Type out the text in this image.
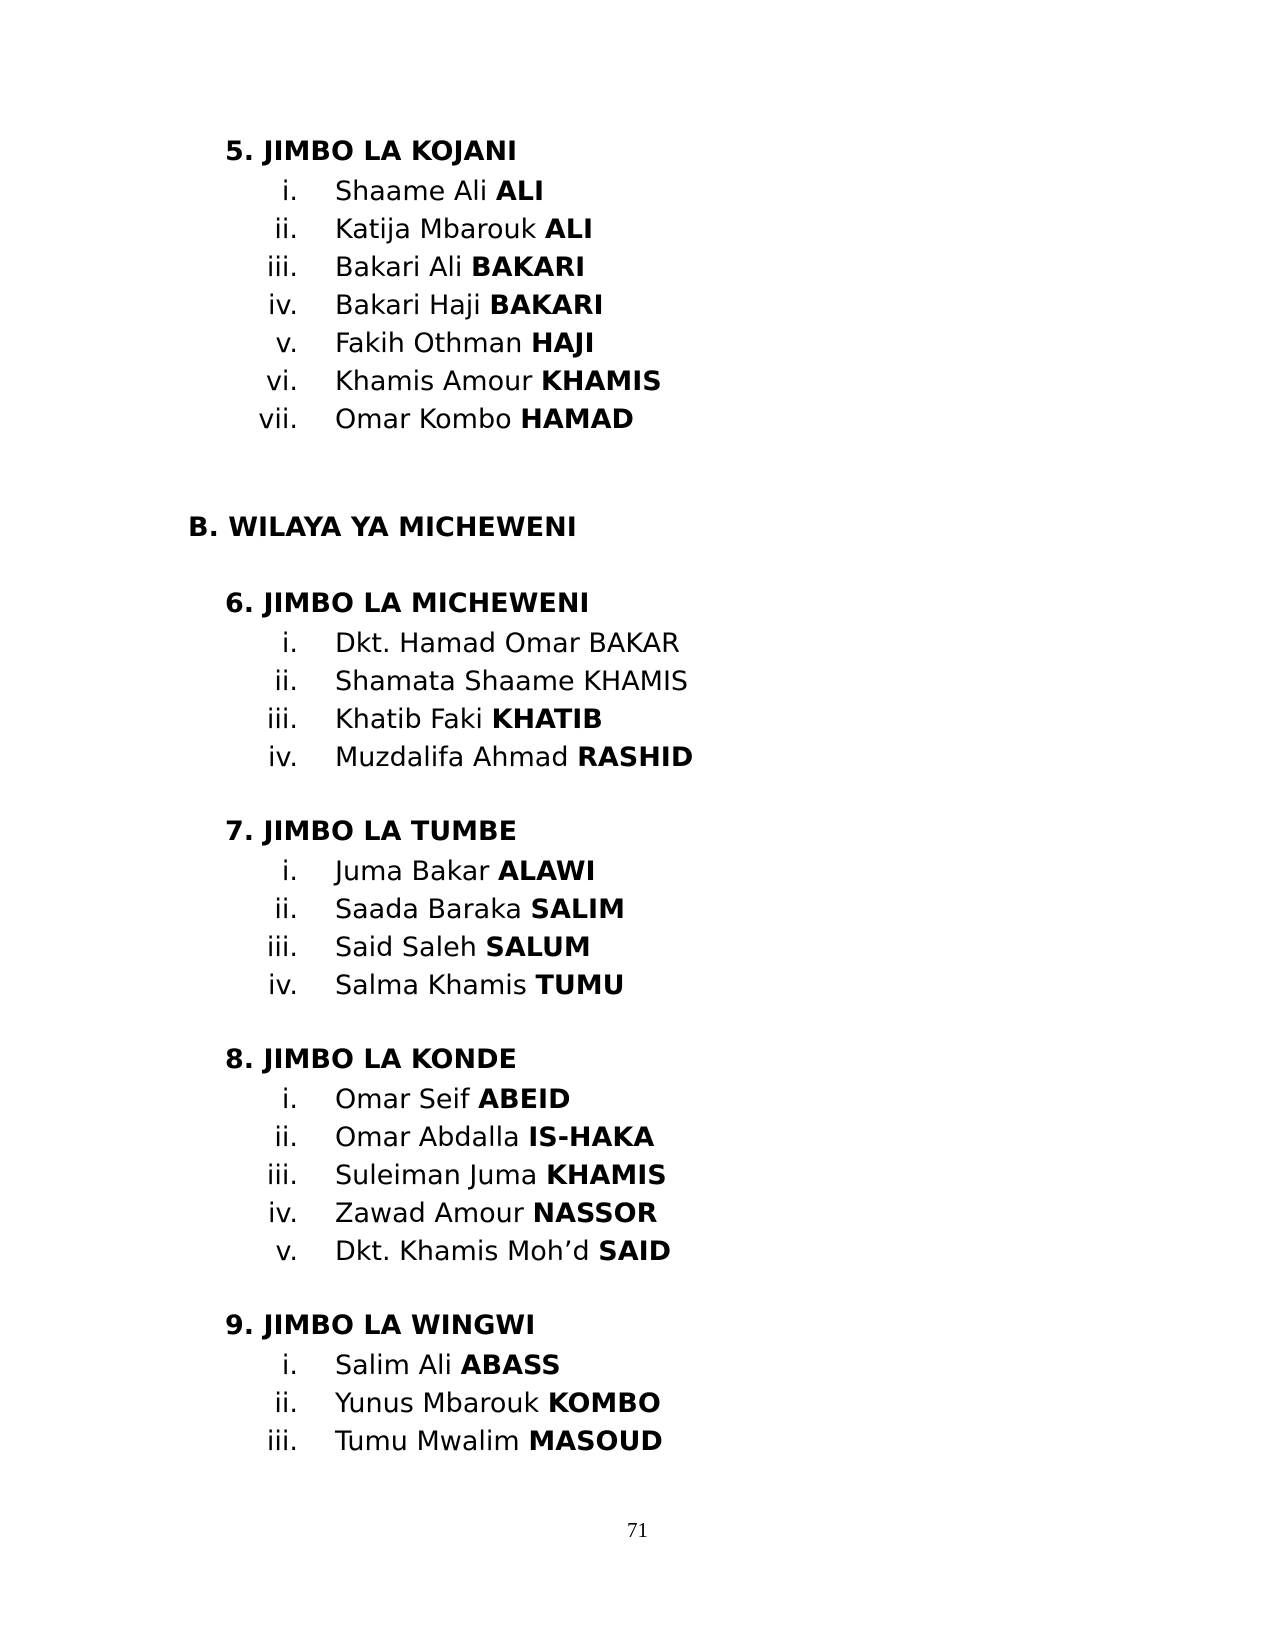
5. JIMBO LA KOJANI
i. Shaame Ali ALI
ii. Katija Mbarouk ALI
iii. Bakari Ali BAKARI
iv. Bakari Haji BAKARI
v. Fakih Othman HAJI
vi. Khamis Amour KHAMIS
vii. Omar Kombo HAMAD
B. WILAYA YA MICHEWENI
6. JIMBO LA MICHEWENI
i. Dkt. Hamad Omar BAKAR
ii. Shamata Shaame KHAMIS
iii. Khatib Faki KHATIB
iv. Muzdalifa Ahmad RASHID
7. JIMBO LA TUMBE
i. Juma Bakar ALAWI
ii. Saada Baraka SALIM
iii. Said Saleh SALUM
iv. Salma Khamis TUMU
8. JIMBO LA KONDE
i. Omar Seif ABEID
ii. Omar Abdalla IS-HAKA
iii. Suleiman Juma KHAMIS
iv. Zawad Amour NASSOR
v. Dkt. Khamis Moh’d SAID
9. JIMBO LA WINGWI
i. Salim Ali ABASS
ii. Yunus Mbarouk KOMBO
iii. Tumu Mwalim MASOUD
71
